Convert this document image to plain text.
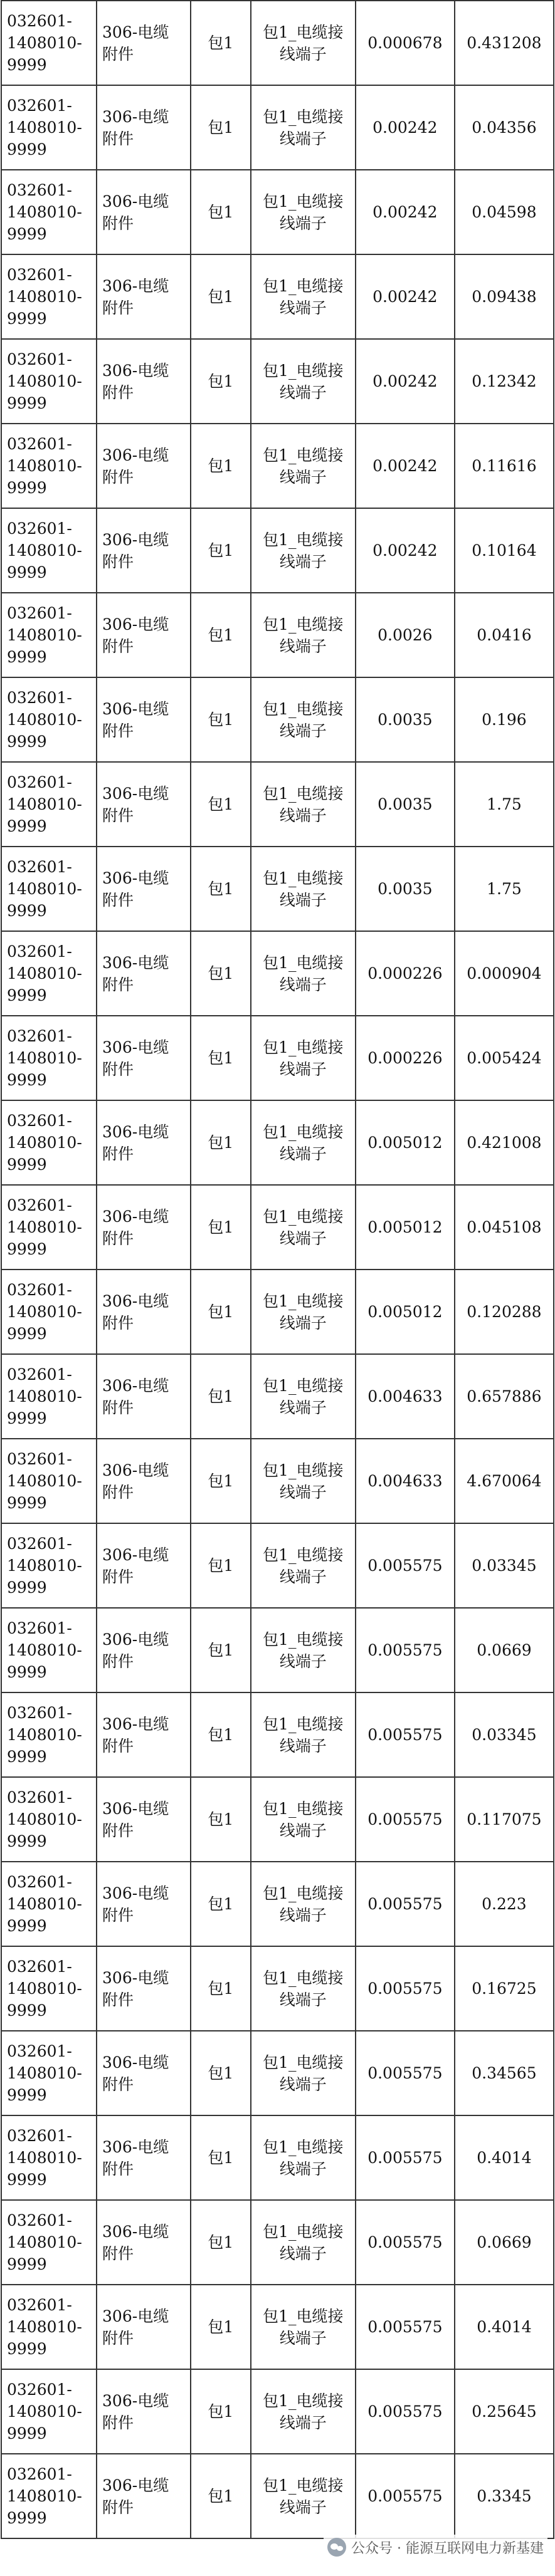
032601-
1408010-
9999	306-电缆
附件	包1	包1_电缆接
线端子	0.000678	0.431208

032601-
1408010-
9999	306-电缆
附件	包1	包1_电缆接
线端子	0.00242	0.04356

032601-
1408010-
9999	306-电缆
附件	包1	包1_电缆接
线端子	0.00242	0.04598

032601-
1408010-
9999	306-电缆
附件	包1	包1_电缆接
线端子	0.00242	0.09438

032601-
1408010-
9999	306-电缆
附件	包1	包1_电缆接
线端子	0.00242	0.12342

032601-
1408010-
9999	306-电缆
附件	包1	包1_电缆接
线端子	0.00242	0.11616

032601-
1408010-
9999	306-电缆
附件	包1	包1_电缆接
线端子	0.00242	0.10164

032601-
1408010-
9999	306-电缆
附件	包1	包1_电缆接
线端子	0.0026	0.0416

032601-
1408010-
9999	306-电缆
附件	包1	包1_电缆接
线端子	0.0035	0.196

032601-
1408010-
9999	306-电缆
附件	包1	包1_电缆接
线端子	0.0035	1.75

032601-
1408010-
9999	306-电缆
附件	包1	包1_电缆接
线端子	0.0035	1.75

032601-
1408010-
9999	306-电缆
附件	包1	包1_电缆接
线端子	0.000226	0.000904

032601-
1408010-
9999	306-电缆
附件	包1	包1_电缆接
线端子	0.000226	0.005424

032601-
1408010-
9999	306-电缆
附件	包1	包1_电缆接
线端子	0.005012	0.421008

032601-
1408010-
9999	306-电缆
附件	包1	包1_电缆接
线端子	0.005012	0.045108

032601-
1408010-
9999	306-电缆
附件	包1	包1_电缆接
线端子	0.005012	0.120288

032601-
1408010-
9999	306-电缆
附件	包1	包1_电缆接
线端子	0.004633	0.657886

032601-
1408010-
9999	306-电缆
附件	包1	包1_电缆接
线端子	0.004633	4.670064

032601-
1408010-
9999	306-电缆
附件	包1	包1_电缆接
线端子	0.005575	0.03345

032601-
1408010-
9999	306-电缆
附件	包1	包1_电缆接
线端子	0.005575	0.0669

032601-
1408010-
9999	306-电缆
附件	包1	包1_电缆接
线端子	0.005575	0.03345

032601-
1408010-
9999	306-电缆
附件	包1	包1_电缆接
线端子	0.005575	0.117075

032601-
1408010-
9999	306-电缆
附件	包1	包1_电缆接
线端子	0.005575	0.223

032601-
1408010-
9999	306-电缆
附件	包1	包1_电缆接
线端子	0.005575	0.16725

032601-
1408010-
9999	306-电缆
附件	包1	包1_电缆接
线端子	0.005575	0.34565

032601-
1408010-
9999	306-电缆
附件	包1	包1_电缆接
线端子	0.005575	0.4014

032601-
1408010-
9999	306-电缆
附件	包1	包1_电缆接
线端子	0.005575	0.0669

032601-
1408010-
9999	306-电缆
附件	包1	包1_电缆接
线端子	0.005575	0.4014

032601-
1408010-
9999	306-电缆
附件	包1	包1_电缆接
线端子	0.005575	0.25645

032601-
1408010-
9999	306-电缆
附件	包1	包1_电缆接
线端子	0.005575	0.3345
公众号 · 能源互联网电力新基建
